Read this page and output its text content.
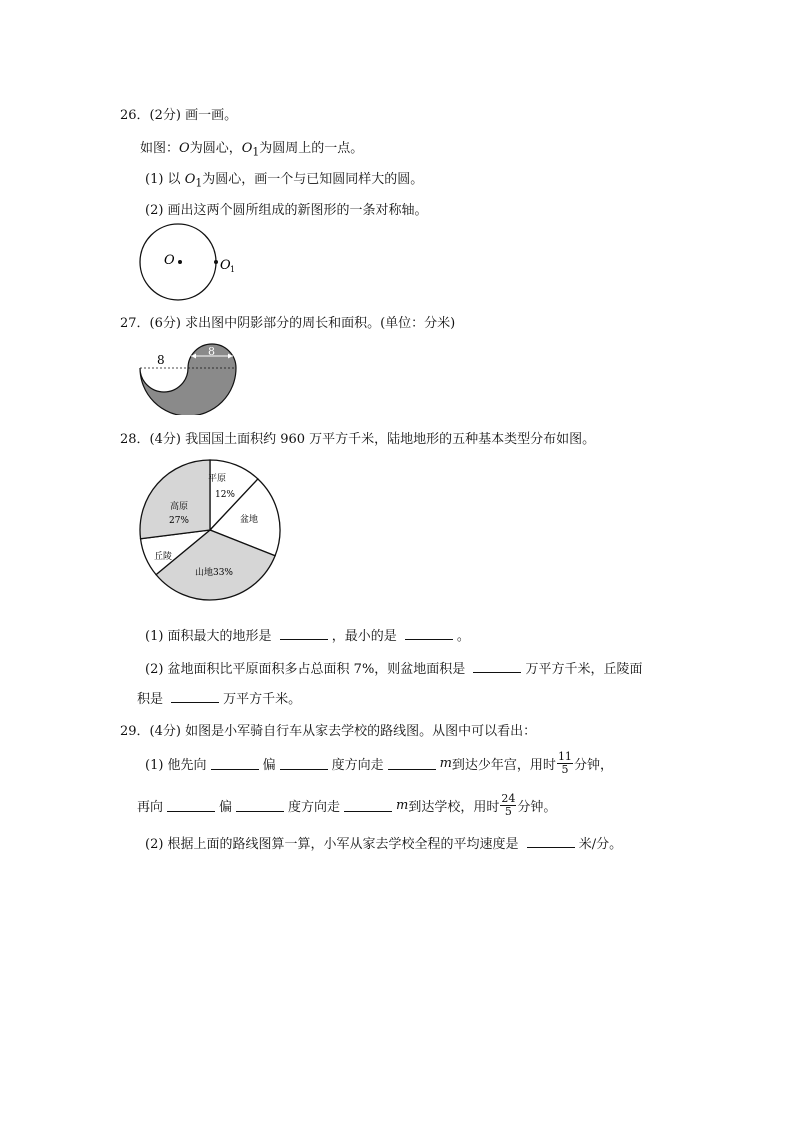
26．(2分) 画一画。
如图：O为圆心，$O_1$为圆周上的一点。
(1) 以 $O_1$为圆心，画一个与已知圆同样大的圆。
(2) 画出这两个圆所组成的新图形的一条对称轴。
O	O 1
27．(6分) 求出图中阴影部分的周长和面积。(单位：分米)
8
8
28．(4分) 我国国土面积约 960 万平方千米，陆地地形的五种基本类型分布如图。
平原
12%
盆地
山地33%
丘陵
高原
27%
(1) 面积最大的地形是	，最小的是	。
(2) 盆地面积比平原面积多占总面积 7%，则盆地面积是	万平方千米，丘陵面
积是	万平方千米。
29．(4分) 如图是小军骑自行车从家去学校的路线图。从图中可以看出：
(1) 他先向	偏	度方向走	m 到达少年宫，用时 $\frac{11}{5}$ 分钟，
再向	偏	度方向走	m 到达学校，用时 $\frac{24}{5}$ 分钟。
(2) 根据上面的路线图算一算，小军从家去学校全程的平均速度是	米/分。
